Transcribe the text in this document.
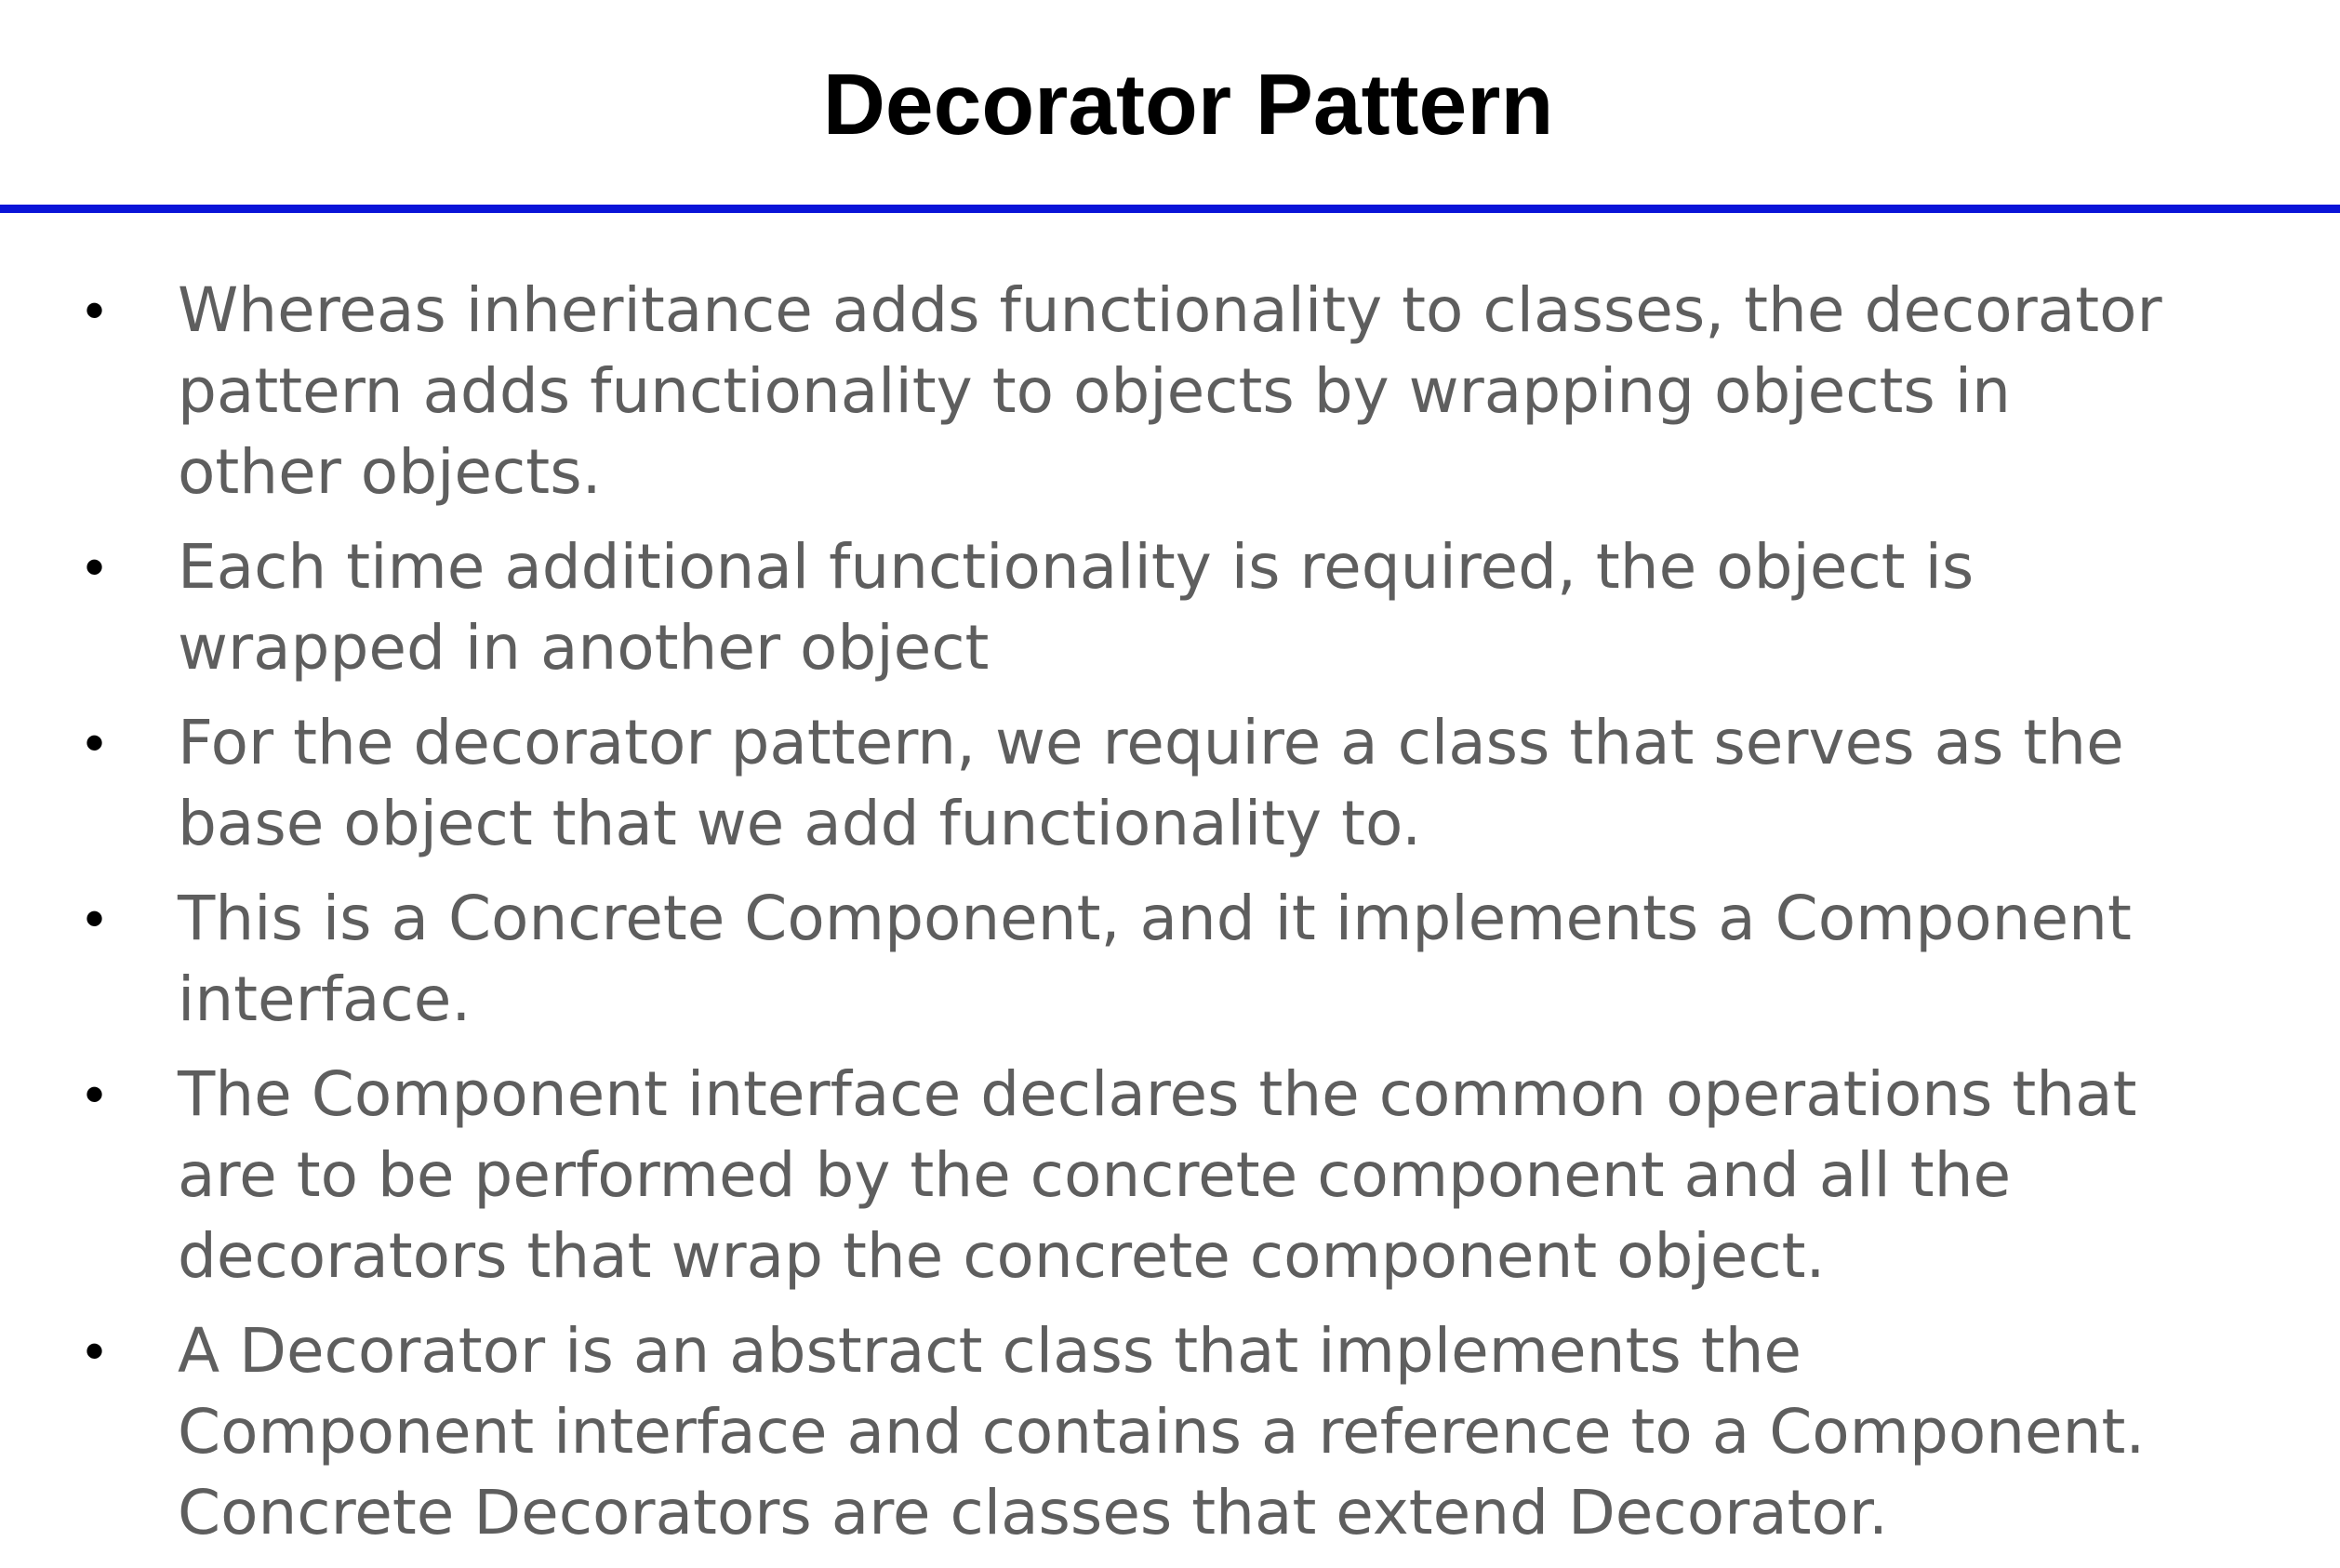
Decorator Pattern
• Whereas inheritance adds functionality to classes, the decorator pattern adds functionality to objects by wrapping objects in other objects.
• Each time additional functionality is required, the object is wrapped in another object
• For the decorator pattern, we require a class that serves as the base object that we add functionality to.
• This is a Concrete Component, and it implements a Component interface.
• The Component interface declares the common operations that are to be performed by the concrete component and all the decorators that wrap the concrete component object.
• A Decorator is an abstract class that implements the Component interface and contains a reference to a Component. Concrete Decorators are classes that extend Decorator.
